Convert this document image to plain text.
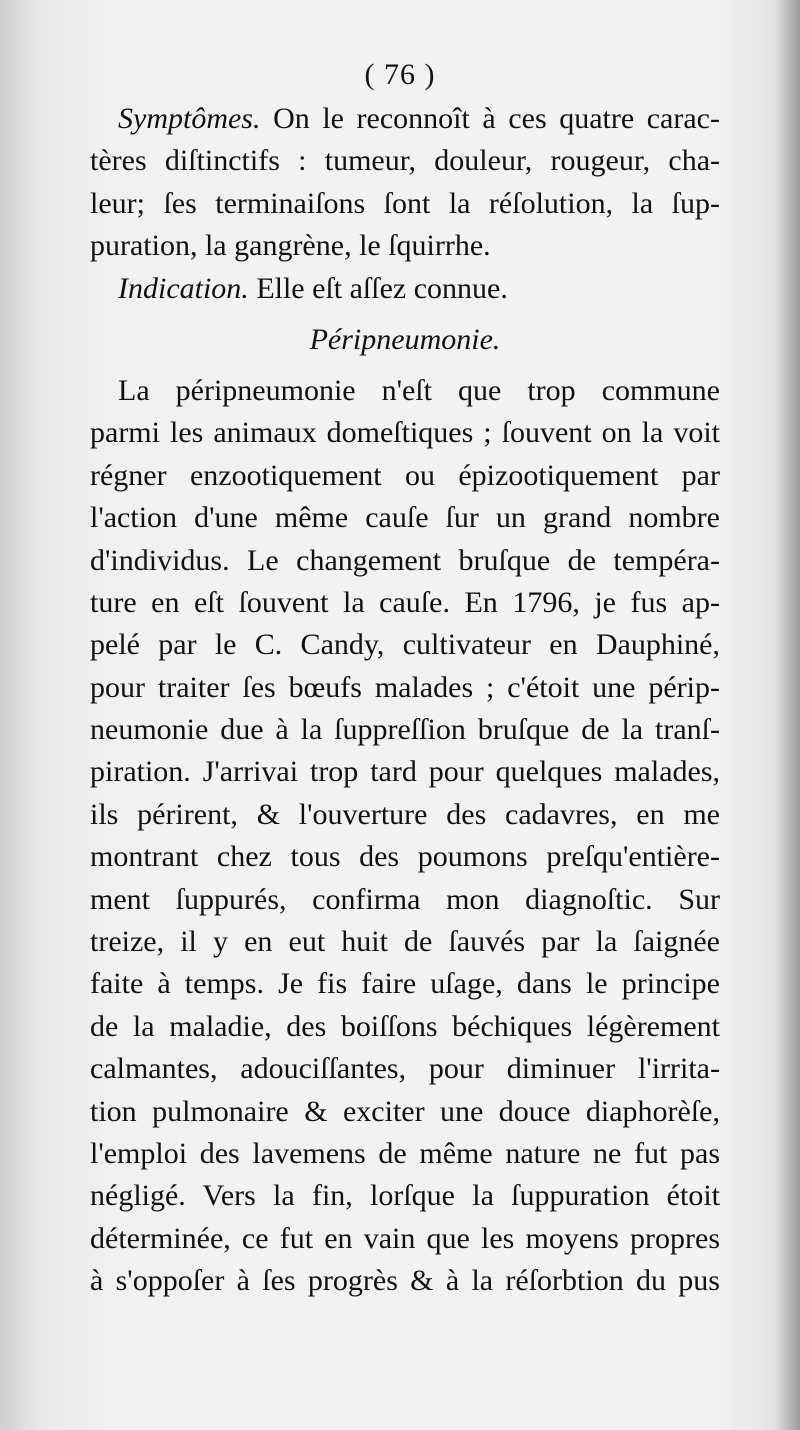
( 76 )
Symptômes. On le reconnoît à ces quatre carac-
tères diſtinctifs : tumeur, douleur, rougeur, cha-
leur; ſes terminaiſons ſont la réſolution, la ſup-
puration, la gangrène, le ſquirrhe.
Indication. Elle eſt aſſez connue.
Péripneumonie.
La péripneumonie n'eſt que trop commune
parmi les animaux domeſtiques ; ſouvent on la voit
régner enzootiquement ou épizootiquement par
l'action d'une même cauſe ſur un grand nombre
d'individus. Le changement bruſque de tempéra-
ture en eſt ſouvent la cauſe. En 1796, je fus ap-
pelé par le C. Candy, cultivateur en Dauphiné,
pour traiter ſes bœufs malades ; c'étoit une périp-
neumonie due à la ſuppreſſion bruſque de la tranſ-
piration. J'arrivai trop tard pour quelques malades,
ils périrent, & l'ouverture des cadavres, en me
montrant chez tous des poumons preſqu'entière-
ment ſuppurés, confirma mon diagnoſtic. Sur
treize, il y en eut huit de ſauvés par la ſaignée
faite à temps. Je fis faire uſage, dans le principe
de la maladie, des boiſſons béchiques légèrement
calmantes, adouciſſantes, pour diminuer l'irrita-
tion pulmonaire & exciter une douce diaphorèſe,
l'emploi des lavemens de même nature ne fut pas
négligé. Vers la fin, lorſque la ſuppuration étoit
déterminée, ce fut en vain que les moyens propres
à s'oppoſer à ſes progrès & à la réſorbtion du pus
